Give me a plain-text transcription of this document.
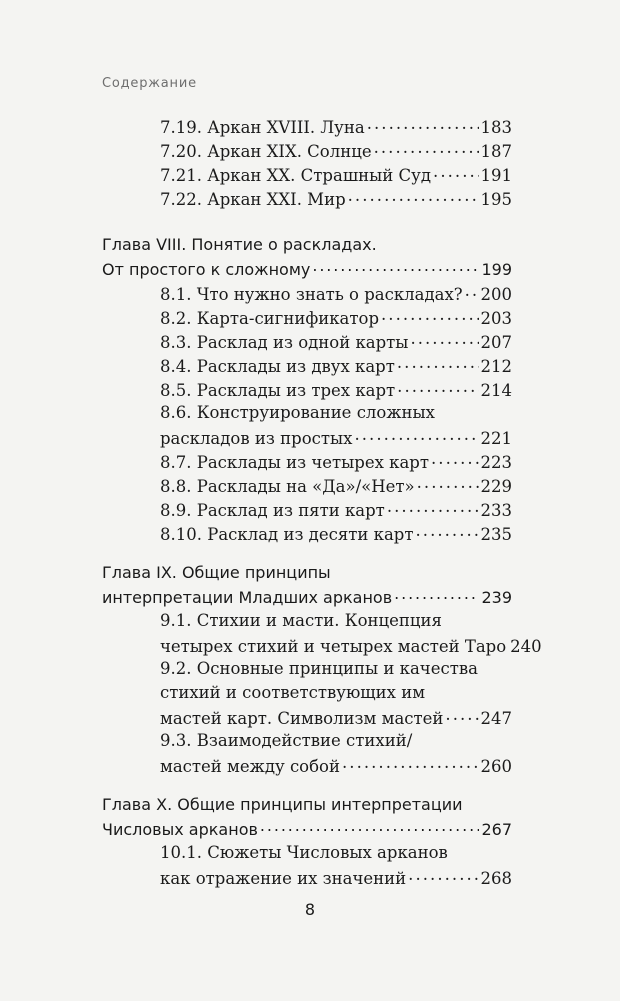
Содержание
7.19. Аркан XVIII. Луна . . .	183
7.20. Аркан XIX. Солнце . . .	187
7.21. Аркан XX. Страшный Суд . . .	191
7.22. Аркан XXI. Мир . . .	195
Глава VIII. Понятие о раскладах.
От простого к сложному . . .	199
8.1. Что нужно знать о раскладах? . . . 200
8.2. Карта-сигнификатор . . .	203
8.3. Расклад из одной карты . . .	207
8.4. Расклады из двух карт . . .	212
8.5. Расклады из трех карт . . .	214
8.6. Конструирование сложных
раскладов из простых . . .	221
8.7. Расклады из четырех карт . . .	223
8.8. Расклады на «Да»/«Нет» . . .	229
8.9. Расклад из пяти карт . . .	233
8.10. Расклад из десяти карт . . .	235
Глава IX. Общие принципы
интерпретации Младших арканов . . .	239
9.1. Стихии и масти. Концепция
четырех стихий и четырех мастей Таро 240
9.2. Основные принципы и качества
стихий и соответствующих им
мастей карт. Символизм мастей . . . 247
9.3. Взаимодействие стихий/
мастей между собой . . .	260
Глава X. Общие принципы интерпретации
Числовых арканов . . .	267
10.1. Сюжеты Числовых арканов
как отражение их значений . . .	268
8
